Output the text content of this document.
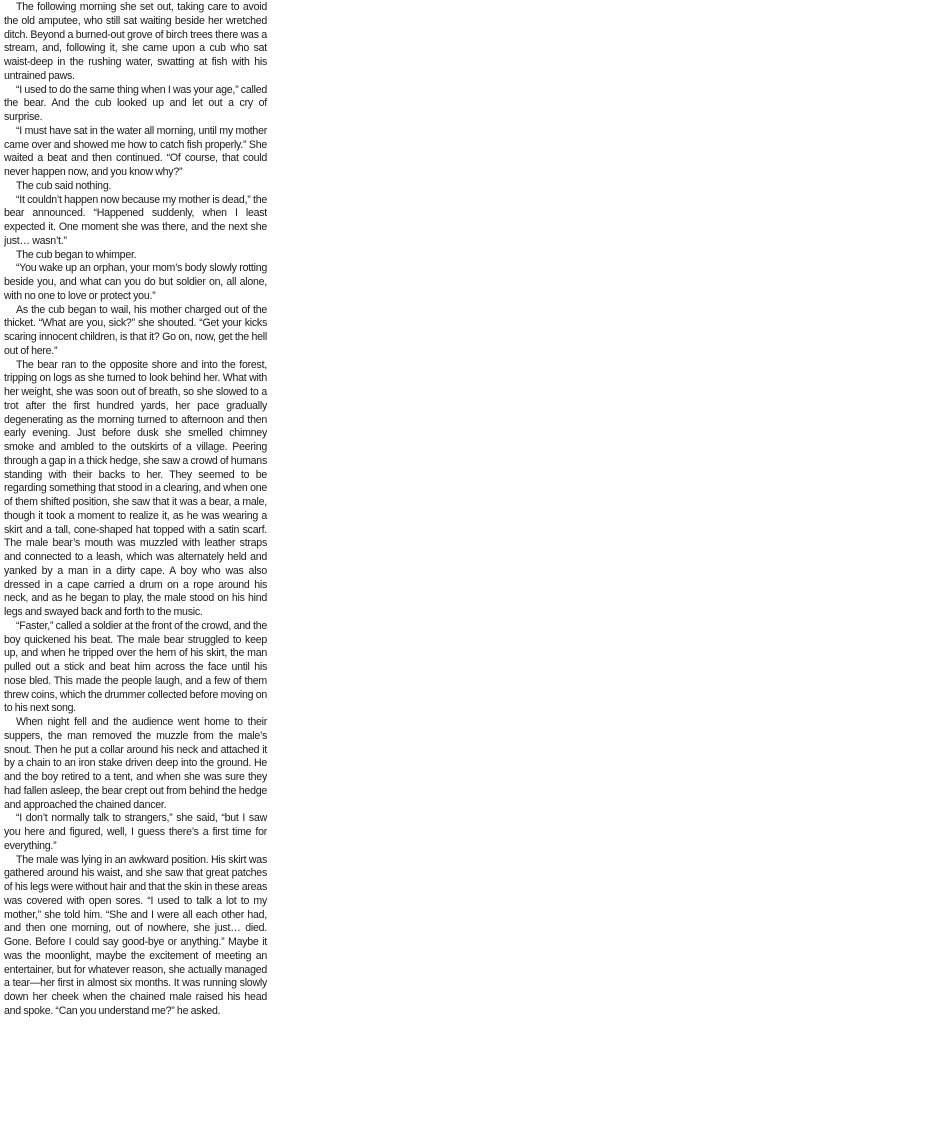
The following morning she set out, taking care to avoid the old amputee, who still sat waiting beside her wretched ditch. Beyond a burned-out grove of birch trees there was a stream, and, following it, she came upon a cub who sat waist-deep in the rushing water, swatting at fish with his untrained paws.

“I used to do the same thing when I was your age,” called the bear. And the cub looked up and let out a cry of surprise.

“I must have sat in the water all morning, until my mother came over and showed me how to catch fish properly.” She waited a beat and then continued. “Of course, that could never happen now, and you know why?”

The cub said nothing.

“It couldn’t happen now because my mother is dead,” the bear announced. “Happened suddenly, when I least expected it. One moment she was there, and the next she just… wasn’t.”

The cub began to whimper.

“You wake up an orphan, your mom’s body slowly rotting beside you, and what can you do but soldier on, all alone, with no one to love or protect you.”

As the cub began to wail, his mother charged out of the thicket. “What are you, sick?” she shouted. “Get your kicks scaring innocent children, is that it? Go on, now, get the hell out of here.”

The bear ran to the opposite shore and into the forest, tripping on logs as she turned to look behind her. What with her weight, she was soon out of breath, so she slowed to a trot after the first hundred yards, her pace gradually degenerating as the morning turned to afternoon and then early evening. Just before dusk she smelled chimney smoke and ambled to the outskirts of a village. Peering through a gap in a thick hedge, she saw a crowd of humans standing with their backs to her. They seemed to be regarding something that stood in a clearing, and when one of them shifted position, she saw that it was a bear, a male, though it took a moment to realize it, as he was wearing a skirt and a tall, cone-shaped hat topped with a satin scarf. The male bear’s mouth was muzzled with leather straps and connected to a leash, which was alternately held and yanked by a man in a dirty cape. A boy who was also dressed in a cape carried a drum on a rope around his neck, and as he began to play, the male stood on his hind legs and swayed back and forth to the music.

“Faster,” called a soldier at the front of the crowd, and the boy quickened his beat. The male bear struggled to keep up, and when he tripped over the hem of his skirt, the man pulled out a stick and beat him across the face until his nose bled. This made the people laugh, and a few of them threw coins, which the drummer collected before moving on to his next song.

When night fell and the audience went home to their suppers, the man removed the muzzle from the male’s snout. Then he put a collar around his neck and attached it by a chain to an iron stake driven deep into the ground. He and the boy retired to a tent, and when she was sure they had fallen asleep, the bear crept out from behind the hedge and approached the chained dancer.

“I don’t normally talk to strangers,” she said, “but I saw you here and figured, well, I guess there’s a first time for everything.”

The male was lying in an awkward position. His skirt was gathered around his waist, and she saw that great patches of his legs were without hair and that the skin in these areas was covered with open sores. “I used to talk a lot to my mother,” she told him. “She and I were all each other had, and then one morning, out of nowhere, she just… died. Gone. Before I could say good-bye or anything.” Maybe it was the moonlight, maybe the excitement of meeting an entertainer, but for whatever reason, she actually managed a tear—her first in almost six months. It was running slowly down her cheek when the chained male raised his head and spoke. “Can you understand me?” he asked.
